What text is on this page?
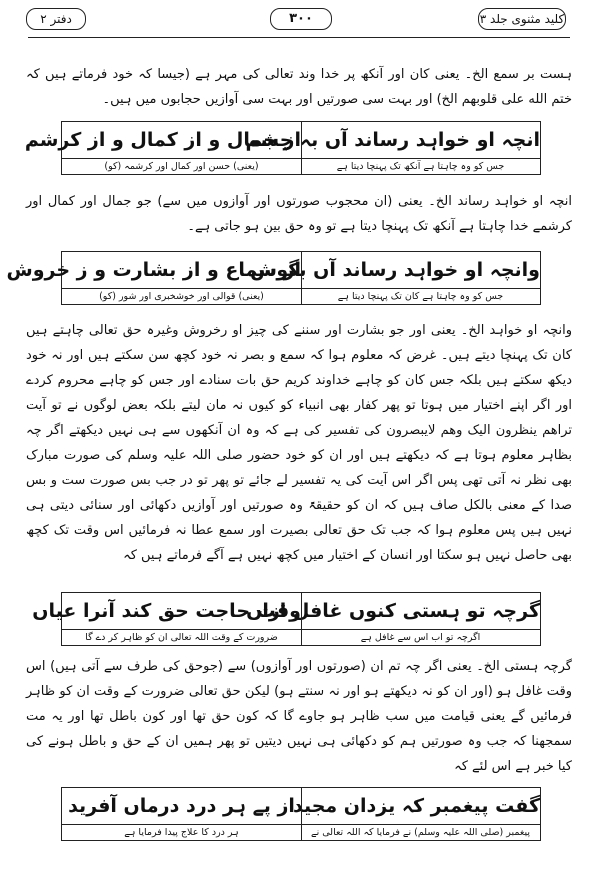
کلید مثنوی جلد ۳
۳۰۰
دفتر ۲
ہست بر سمع الخ۔ یعنی کان اور آنکھ پر خدا وند تعالی کی مہر ہے (جیسا کہ خود فرماتے ہیں کہ ختم الله علی قلوبھم الخ) اور بہت سی صورتیں اور بہت سی آوازیں حجابوں میں ہیں۔
انچہ او خواہد رساند آں بہ چشم
از جمال و از کمال و از کرشم
جس کو وہ چاہتا ہے آنکھ تک پہنچا دیتا ہے
(یعنی) حسن اور کمال اور کرشمہ (کو)
انچہ او خواہد رساند الخ۔ یعنی (ان محجوب صورتوں اور آوازوں میں سے) جو جمال اور کمال اور کرشمے خدا چاہتا ہے آنکھ تک پہنچا دیتا ہے تو وہ حق بین ہو جاتی ہے۔
وانچہ او خواہد رساند آں بگوش
از سماع و از بشارت و ز خروش
جس کو وہ چاہتا ہے کان تک پہنچا دیتا ہے
(یعنی) قوالی اور خوشخبری اور شور (کو)
وانچہ او خواہد الخ۔ یعنی اور جو بشارت اور سننے کی چیز او رخروش وغیرہ حق تعالی چاہتے ہیں کان تک پہنچا دیتے ہیں۔ غرض کہ معلوم ہوا کہ سمع و بصر نہ خود کچھ سن سکتے ہیں اور نہ خود دیکھ سکتے ہیں بلکہ جس کان کو چاہے خداوند کریم حق بات سنادے اور جس کو چاہے محروم کردے اور اگر اپنے اختیار میں ہوتا تو پھر کفار بھی انبیاء کو کیوں نہ مان لیتے بلکہ بعض لوگوں نے تو آیت تراھم ینظرون الیک وھم لایبصرون کی تفسیر کی ہے کہ وہ ان آنکھوں سے ہی نہیں دیکھتے اگر چہ بظاہر معلوم ہوتا ہے کہ دیکھتے ہیں اور ان کو خود حضور صلی اللہ علیہ وسلم کی صورت مبارک بھی نظر نہ آتی تھی پس اگر اس آیت کی یہ تفسیر لے جائے تو پھر تو در جب بس صورت ست و بس صدا کے معنی بالکل صاف ہیں کہ ان کو حقیقۃً وہ صورتیں اور آوازیں دکھائی اور سنائی دیتی ہی نہیں ہیں پس معلوم ہوا کہ جب تک حق تعالی بصیرت اور سمع عطا نہ فرمائیں اس وقت تک کچھ بھی حاصل نہیں ہو سکتا اور انسان کے اختیار میں کچھ نہیں ہے آگے فرماتے ہیں کہ
گرچہ تو ہستی کنوں غافل ازاں
وقت حاجت حق کند آنرا عیاں
اگرچہ تو اب اس سے غافل ہے
ضرورت کے وقت اللہ تعالی ان کو ظاہر کر دے گا
گرچہ ہستی الخ۔ یعنی اگر چہ تم ان (صورتوں اور آوازوں) سے (جوحق کی طرف سے آتی ہیں) اس وقت غافل ہو (اور ان کو نہ دیکھتے ہو اور نہ سنتے ہو) لیکن حق تعالی ضرورت کے وقت ان کو ظاہر فرمائیں گے یعنی قیامت میں سب ظاہر ہو جاوے گا کہ کون حق تھا اور کون باطل تھا اور یہ مت سمجھنا کہ جب وہ صورتیں ہم کو دکھائی ہی نہیں دیتیں تو پھر ہمیں ان کے حق و باطل ہونے کی کیا خبر ہے اس لئے کہ
گفت پیغمبر کہ یزدان مجید
از پے ہر درد درماں آفرید
پیغمبر (صلی اللہ علیہ وسلم) نے فرمایا کہ اللہ تعالی نے
ہر درد کا علاج پیدا فرمایا ہے
